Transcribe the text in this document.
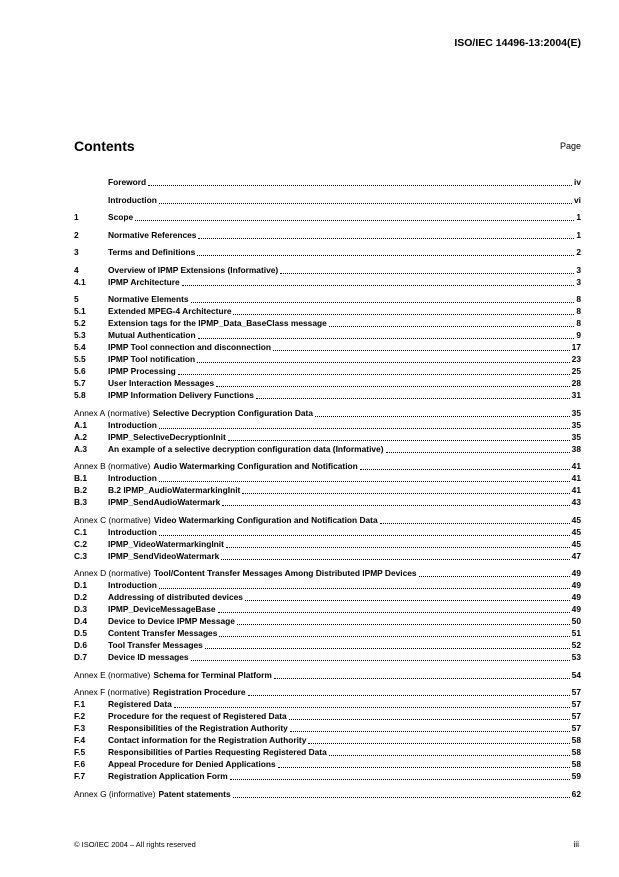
ISO/IEC 14496-13:2004(E)
Contents	Page
Foreword	iv
Introduction	vi
1	Scope	1
2	Normative References	1
3	Terms and Definitions	2
4	Overview of IPMP Extensions (Informative)	3
4.1	IPMP Architecture	3
5	Normative Elements	8
5.1	Extended MPEG-4 Architecture	8
5.2	Extension tags for the IPMP_Data_BaseClass message	8
5.3	Mutual Authentication	9
5.4	IPMP Tool connection and disconnection	17
5.5	IPMP Tool notification	23
5.6	IPMP Processing	25
5.7	User Interaction Messages	28
5.8	IPMP Information Delivery Functions	31
Annex A (normative) Selective Decryption Configuration Data	35
A.1	Introduction	35
A.2	IPMP_SelectiveDecryptionInit	35
A.3	An example of a selective decryption configuration data (Informative)	38
Annex B (normative) Audio Watermarking Configuration and Notification	41
B.1	Introduction	41
B.2	B.2 IPMP_AudioWatermarkingInit	41
B.3	IPMP_SendAudioWatermark	43
Annex C (normative) Video Watermarking Configuration and Notification Data	45
C.1	Introduction	45
C.2	IPMP_VideoWatermarkingInit	45
C.3	IPMP_SendVideoWatermark	47
Annex D (normative) Tool/Content Transfer Messages Among Distributed IPMP Devices	49
D.1	Introduction	49
D.2	Addressing of distributed devices	49
D.3	IPMP_DeviceMessageBase	49
D.4	Device to Device IPMP Message	50
D.5	Content Transfer Messages	51
D.6	Tool Transfer Messages	52
D.7	Device ID messages	53
Annex E (normative) Schema for Terminal Platform	54
Annex F (normative) Registration Procedure	57
F.1	Registered Data	57
F.2	Procedure for the request of Registered Data	57
F.3	Responsibilities of the Registration Authority	57
F.4	Contact information for the Registration Authority	58
F.5	Responsibilities of Parties Requesting Registered Data	58
F.6	Appeal Procedure for Denied Applications	58
F.7	Registration Application Form	59
Annex G (informative) Patent statements	62
© ISO/IEC 2004 – All rights reserved	iii
